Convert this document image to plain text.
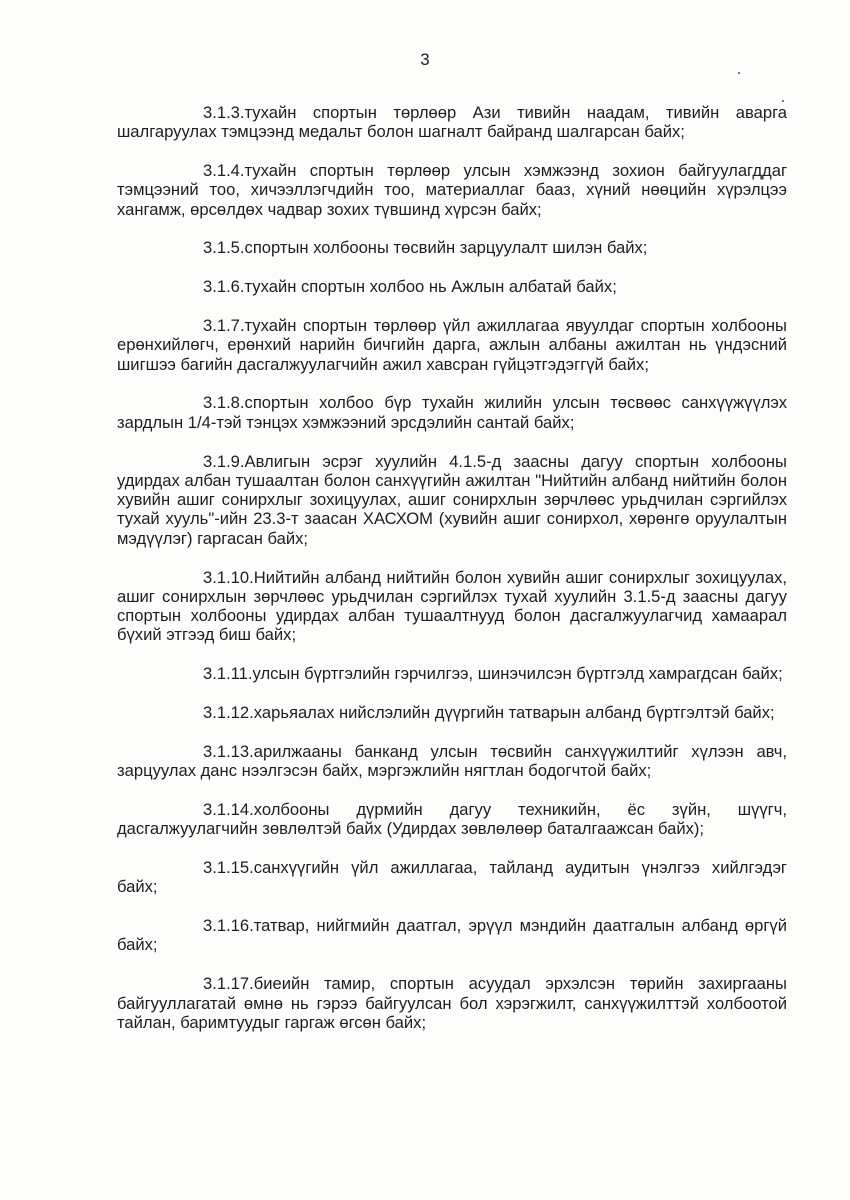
3

3.1.3.тухайн спортын төрлөөр Ази тивийн наадам, тивийн аварга шалгаруулах тэмцээнд медальт болон шагналт байранд шалгарсан байх;

3.1.4.тухайн спортын төрлөөр улсын хэмжээнд зохион байгуулагддаг тэмцээний тоо, хичээллэгчдийн тоо, материаллаг бааз, хүний нөөцийн хүрэлцээ хангамж, өрсөлдөх чадвар зохих түвшинд хүрсэн байх;

3.1.5.спортын холбооны төсвийн зарцуулалт шилэн байх;

3.1.6.тухайн спортын холбоо нь Ажлын албатай байх;

3.1.7.тухайн спортын төрлөөр үйл ажиллагаа явуулдаг спортын холбооны ерөнхийлөгч, ерөнхий нарийн бичгийн дарга, ажлын албаны ажилтан нь үндэсний шигшээ багийн дасгалжуулагчийн ажил хавсран гүйцэтгэдэггүй байх;

3.1.8.спортын холбоо бүр тухайн жилийн улсын төсвөөс санхүүжүүлэх зардлын 1/4-тэй тэнцэх хэмжээний эрсдэлийн сантай байх;

3.1.9.Авлигын эсрэг хуулийн 4.1.5-д заасны дагуу спортын холбооны удирдах албан тушаалтан болон санхүүгийн ажилтан "Нийтийн албанд нийтийн болон хувийн ашиг сонирхлыг зохицуулах, ашиг сонирхлын зөрчлөөс урьдчилан сэргийлэх тухай хууль"-ийн 23.3-т заасан ХАСХОМ (хувийн ашиг сонирхол, хөрөнгө оруулалтын мэдүүлэг) гаргасан байх;

3.1.10.Нийтийн албанд нийтийн болон хувийн ашиг сонирхлыг зохицуулах, ашиг сонирхлын зөрчлөөс урьдчилан сэргийлэх тухай хуулийн 3.1.5-д заасны дагуу спортын холбооны удирдах албан тушаалтнууд болон дасгалжуулагчид хамаарал бүхий этгээд биш байх;

3.1.11.улсын бүртгэлийн гэрчилгээ, шинэчилсэн бүртгэлд хамрагдсан байх;

3.1.12.харьяалах нийслэлийн дүүргийн татварын албанд бүртгэлтэй байх;

3.1.13.арилжааны банканд улсын төсвийн санхүүжилтийг хүлээн авч, зарцуулах данс нээлгэсэн байх, мэргэжлийн нягтлан бодогчтой байх;

3.1.14.холбооны дүрмийн дагуу техникийн, ёс зүйн, шүүгч, дасгалжуулагчийн зөвлөлтэй байх (Удирдах зөвлөлөөр баталгаажсан байх);

3.1.15.санхүүгийн үйл ажиллагаа, тайланд аудитын үнэлгээ хийлгэдэг байх;

3.1.16.татвар, нийгмийн даатгал, эрүүл мэндийн даатгалын албанд өргүй байх;

3.1.17.биеийн тамир, спортын асуудал эрхэлсэн төрийн захиргааны байгууллагатай өмнө нь гэрээ байгуулсан бол хэрэгжилт, санхүүжилттэй холбоотой тайлан, баримтуудыг гаргаж өгсөн байх;
